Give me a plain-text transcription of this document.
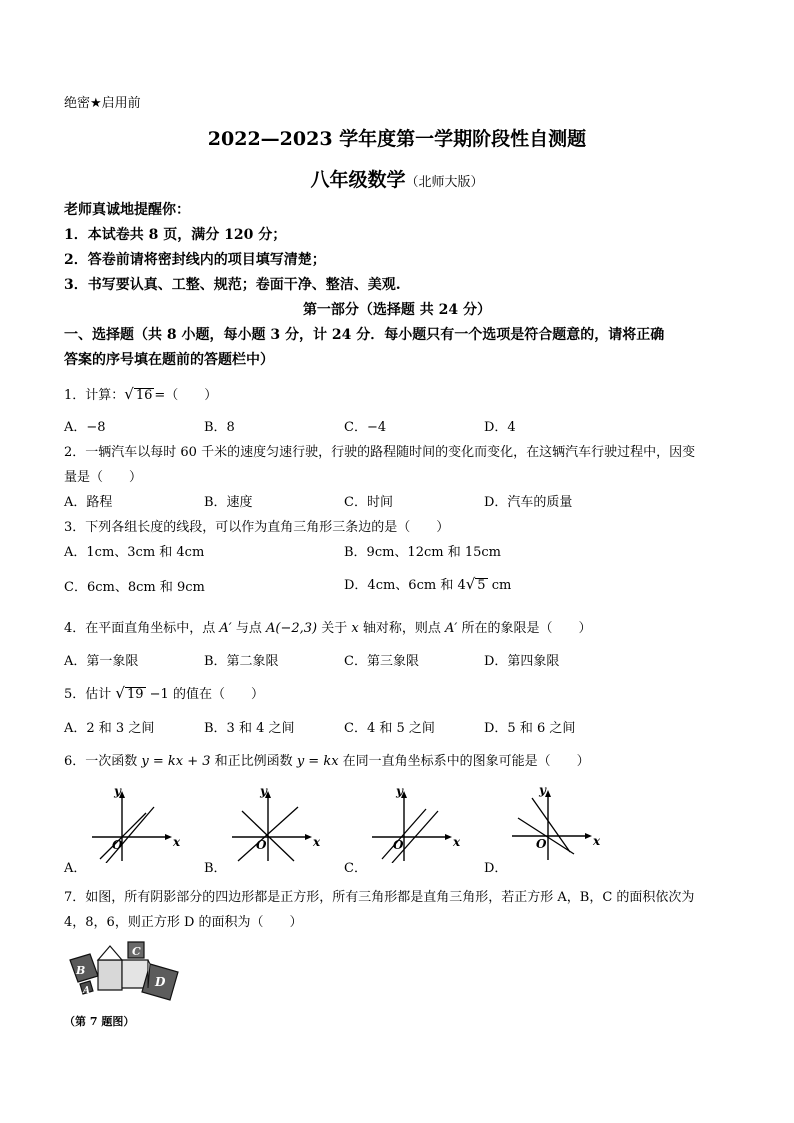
绝密★启用前
2022—2023 学年度第一学期阶段性自测题
八年级数学（北师大版）
老师真诚地提醒你：
1．本试卷共 8 页，满分 120 分；
2．答卷前请将密封线内的项目填写清楚；
3．书写要认真、工整、规范；卷面干净、整洁、美观.
第一部分（选择题 共 24 分）
一、选择题（共 8 小题，每小题 3 分，计 24 分．每小题只有一个选项是符合题意的，请将正确
答案的序号填在题前的答题栏中）
1．计算：√ 16 =（　　）
A．−8	B．8	C．−4	D．4
2．一辆汽车以每时 60 千米的速度匀速行驶，行驶的路程随时间的变化而变化，在这辆汽车行驶过程中，因变
量是（　　）
A．路程	B．速度	C．时间	D．汽车的质量
3．下列各组长度的线段，可以作为直角三角形三条边的是（　　）
A．1cm、3cm 和 4cm	B．9cm、12cm 和 15cm
C．6cm、8cm 和 9cm	D．4cm、6cm 和 4√ 5 cm
4．在平面直角坐标中，点 A′ 与点 A(−2,3) 关于 x 轴对称，则点 A′ 所在的象限是（　　）
A．第一象限	B．第二象限	C．第三象限	D．第四象限
5．估计 √ 19 −1 的值在（　　）
A．2 和 3 之间	B．3 和 4 之间	C．4 和 5 之间	D．5 和 6 之间
6．一次函数 y = kx + 3 和正比例函数 y = kx 在同一直角坐标系中的图象可能是（　　）
x
y
O	x
y
O	x
y
O	x
y
O
A．	B．	C．	D．
7．如图，所有阴影部分的四边形都是正方形，所有三角形都是直角三角形，若正方形 A，B，C 的面积依次为
4，8，6，则正方形 D 的面积为（　　）
B
A
C
D
（第 7 题图）
